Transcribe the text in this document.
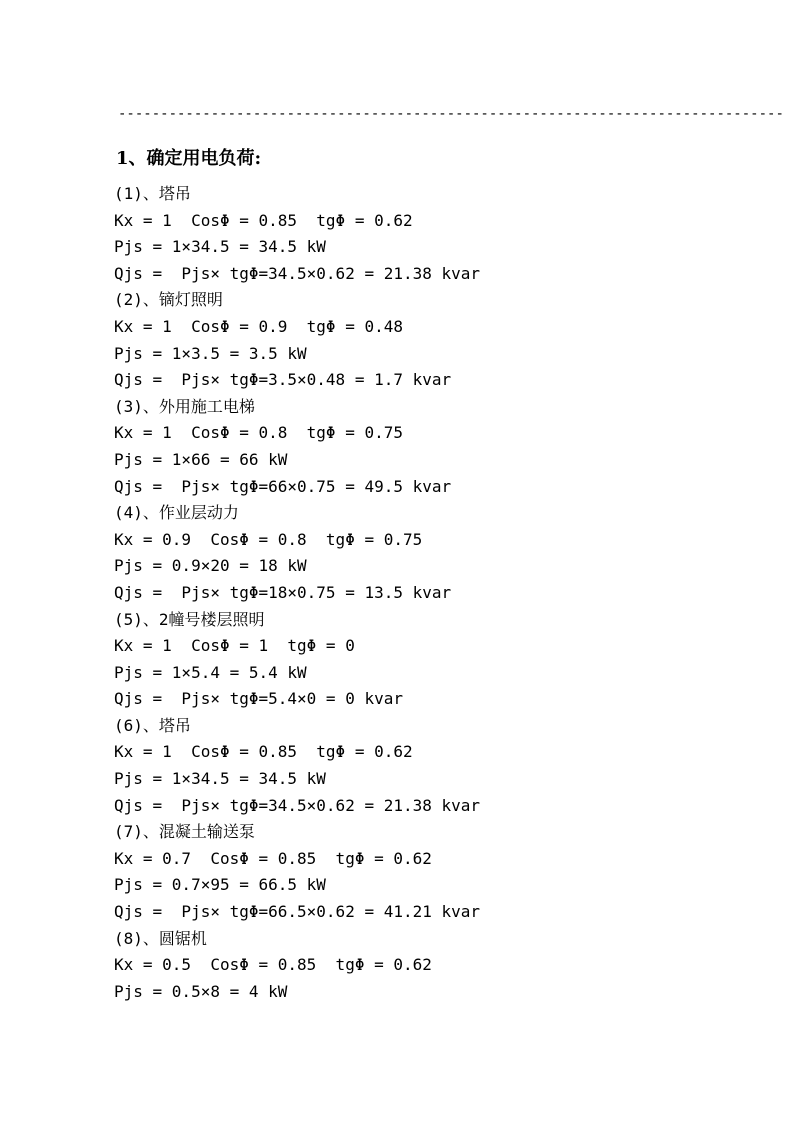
-------------------------------------------------------------------------------
1、确定用电负荷:
(1)、塔吊
Kx = 1  CosΦ = 0.85  tgΦ = 0.62
Pjs = 1×34.5 = 34.5 kW
Qjs =  Pjs× tgΦ=34.5×0.62 = 21.38 kvar
(2)、镝灯照明
Kx = 1  CosΦ = 0.9  tgΦ = 0.48
Pjs = 1×3.5 = 3.5 kW
Qjs =  Pjs× tgΦ=3.5×0.48 = 1.7 kvar
(3)、外用施工电梯
Kx = 1  CosΦ = 0.8  tgΦ = 0.75
Pjs = 1×66 = 66 kW
Qjs =  Pjs× tgΦ=66×0.75 = 49.5 kvar
(4)、作业层动力
Kx = 0.9  CosΦ = 0.8  tgΦ = 0.75
Pjs = 0.9×20 = 18 kW
Qjs =  Pjs× tgΦ=18×0.75 = 13.5 kvar
(5)、2幢号楼层照明
Kx = 1  CosΦ = 1  tgΦ = 0
Pjs = 1×5.4 = 5.4 kW
Qjs =  Pjs× tgΦ=5.4×0 = 0 kvar
(6)、塔吊
Kx = 1  CosΦ = 0.85  tgΦ = 0.62
Pjs = 1×34.5 = 34.5 kW
Qjs =  Pjs× tgΦ=34.5×0.62 = 21.38 kvar
(7)、混凝土输送泵
Kx = 0.7  CosΦ = 0.85  tgΦ = 0.62
Pjs = 0.7×95 = 66.5 kW
Qjs =  Pjs× tgΦ=66.5×0.62 = 41.21 kvar
(8)、圆锯机
Kx = 0.5  CosΦ = 0.85  tgΦ = 0.62
Pjs = 0.5×8 = 4 kW
